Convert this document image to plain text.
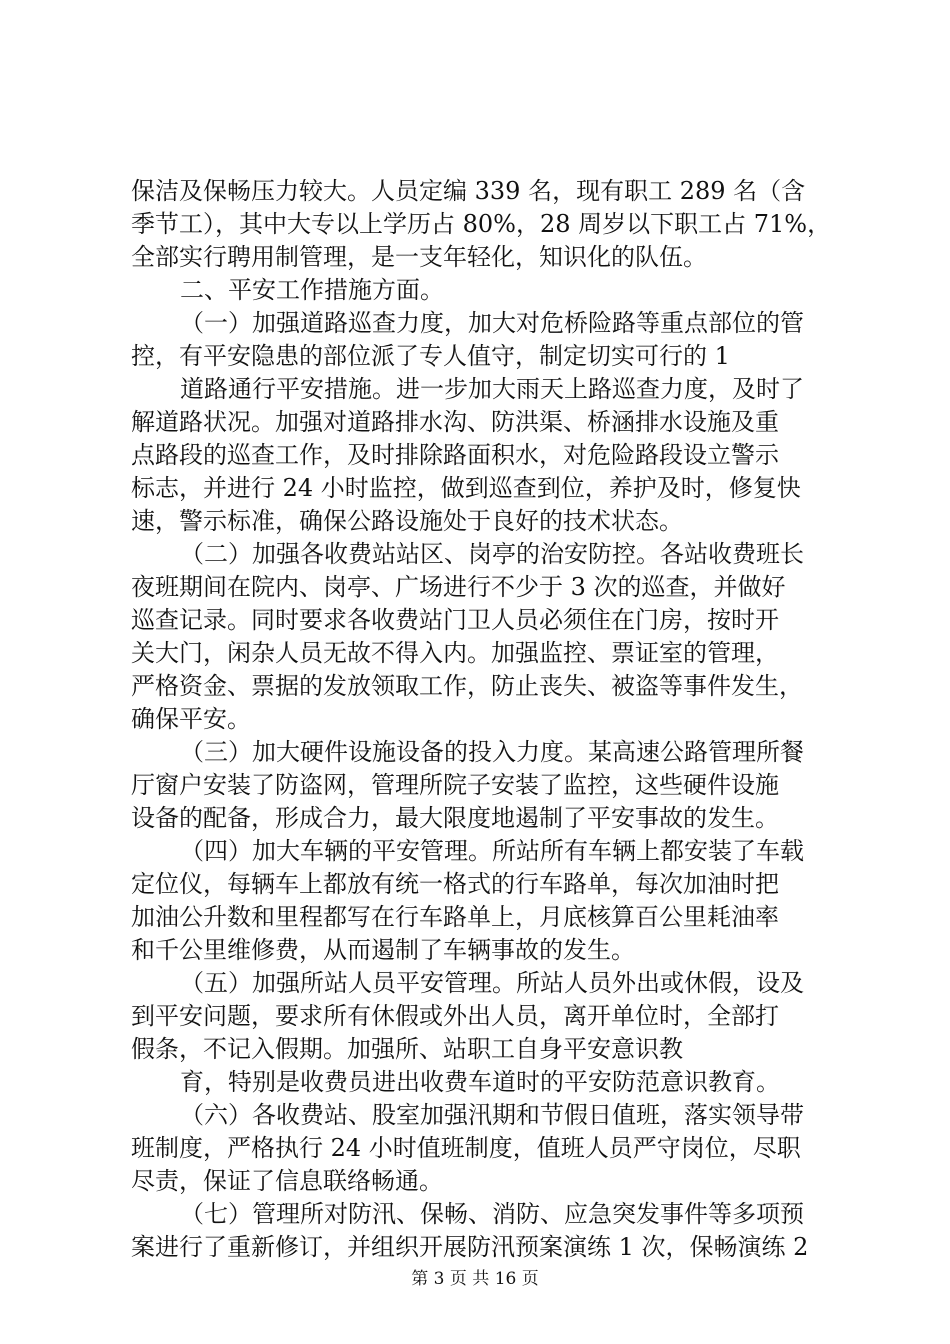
保洁及保畅压力较大。人员定编 339 名，现有职工 289 名（含
季节工），其中大专以上学历占 80%，28 周岁以下职工占 71%，
全部实行聘用制管理，是一支年轻化，知识化的队伍。
二、平安工作措施方面。
（一）加强道路巡查力度，加大对危桥险路等重点部位的管
控，有平安隐患的部位派了专人值守，制定切实可行的 1
道路通行平安措施。进一步加大雨天上路巡查力度，及时了
解道路状况。加强对道路排水沟、防洪渠、桥涵排水设施及重
点路段的巡查工作，及时排除路面积水，对危险路段设立警示
标志，并进行 24 小时监控，做到巡查到位，养护及时，修复快
速，警示标准，确保公路设施处于良好的技术状态。
（二）加强各收费站站区、岗亭的治安防控。各站收费班长
夜班期间在院内、岗亭、广场进行不少于 3 次的巡查，并做好
巡查记录。同时要求各收费站门卫人员必须住在门房，按时开
关大门，闲杂人员无故不得入内。加强监控、票证室的管理，
严格资金、票据的发放领取工作，防止丧失、被盗等事件发生，
确保平安。
（三）加大硬件设施设备的投入力度。某高速公路管理所餐
厅窗户安装了防盗网，管理所院子安装了监控，这些硬件设施
设备的配备，形成合力，最大限度地遏制了平安事故的发生。
（四）加大车辆的平安管理。所站所有车辆上都安装了车载
定位仪，每辆车上都放有统一格式的行车路单，每次加油时把
加油公升数和里程都写在行车路单上，月底核算百公里耗油率
和千公里维修费，从而遏制了车辆事故的发生。
（五）加强所站人员平安管理。所站人员外出或休假，设及
到平安问题，要求所有休假或外出人员，离开单位时，全部打
假条，不记入假期。加强所、站职工自身平安意识教
育，特别是收费员进出收费车道时的平安防范意识教育。
（六）各收费站、股室加强汛期和节假日值班，落实领导带
班制度，严格执行 24 小时值班制度，值班人员严守岗位，尽职
尽责，保证了信息联络畅通。
（七）管理所对防汛、保畅、消防、应急突发事件等多项预
案进行了重新修订，并组织开展防汛预案演练 1 次，保畅演练 2
第 3 页 共 16 页
